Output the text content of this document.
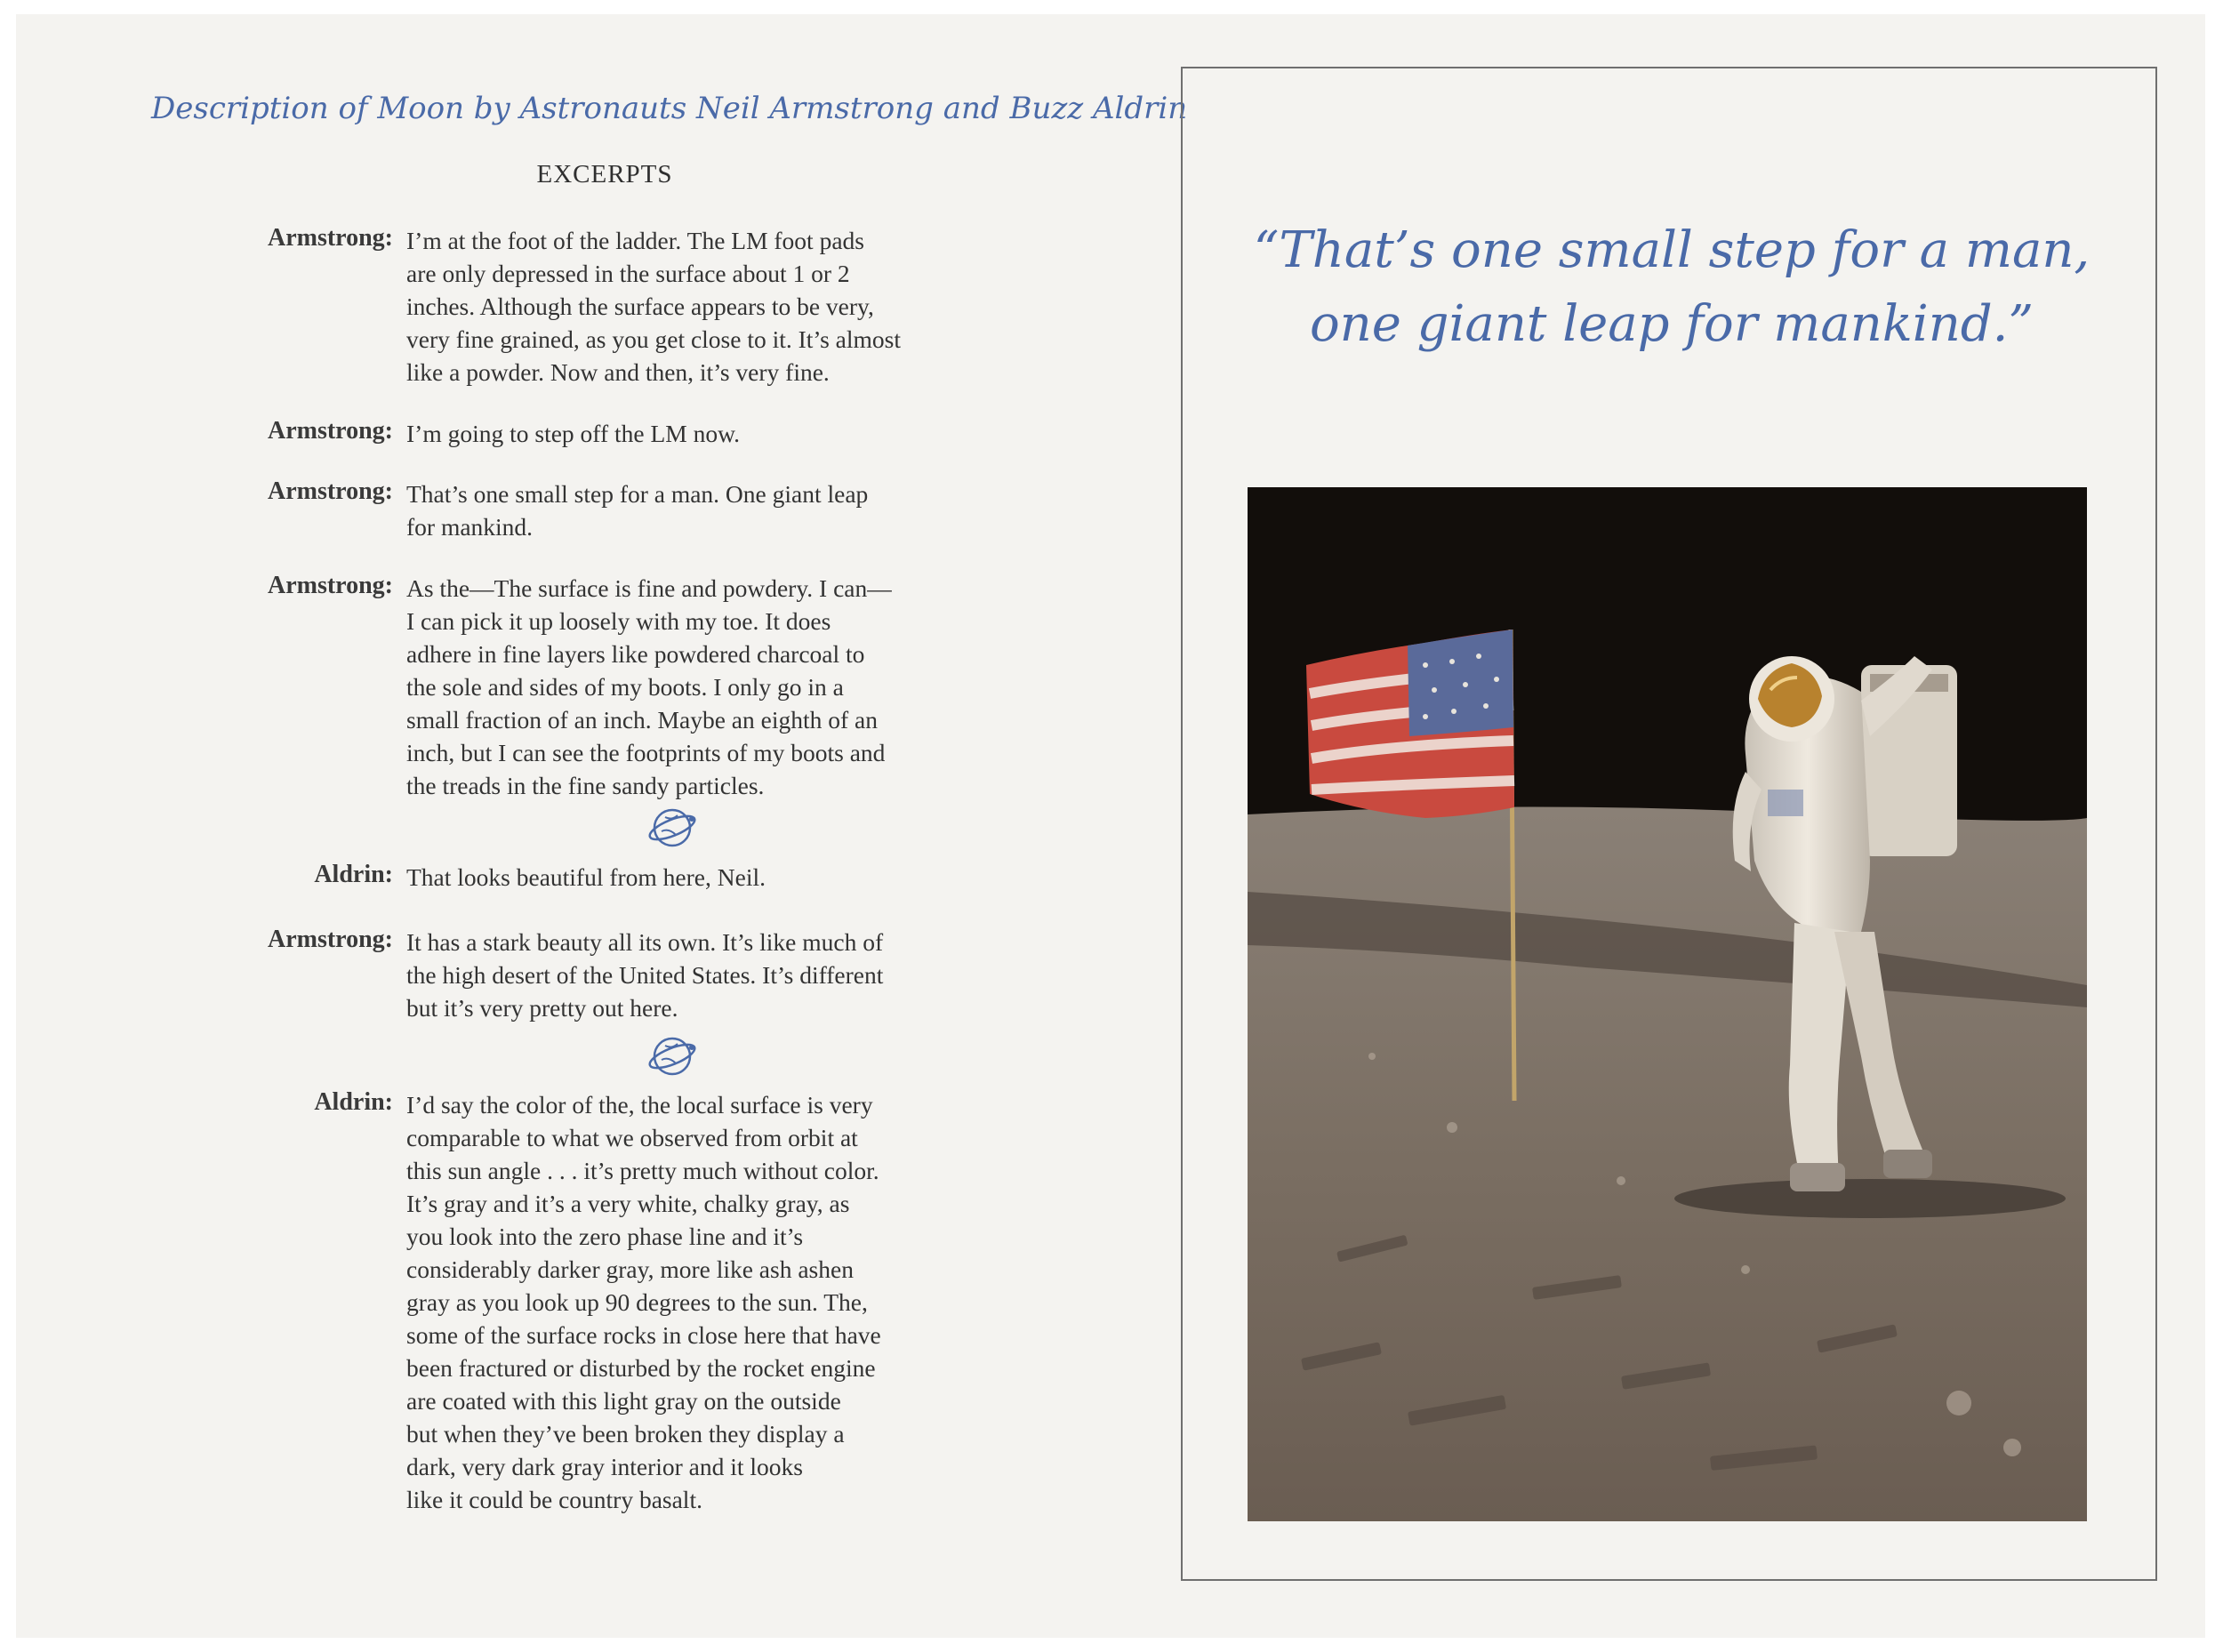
Description of Moon by Astronauts Neil Armstrong and Buzz Aldrin
EXCERPTS
Armstrong: I’m at the foot of the ladder. The LM foot pads
are only depressed in the surface about 1 or 2
inches. Although the surface appears to be very,
very fine grained, as you get close to it. It’s almost
like a powder. Now and then, it’s very fine.
Armstrong: I’m going to step off the LM now.
Armstrong: That’s one small step for a man. One giant leap
for mankind.
Armstrong: As the—The surface is fine and powdery. I can—
I can pick it up loosely with my toe. It does
adhere in fine layers like powdered charcoal to
the sole and sides of my boots. I only go in a
small fraction of an inch. Maybe an eighth of an
inch, but I can see the footprints of my boots and
the treads in the fine sandy particles.
Aldrin: That looks beautiful from here, Neil.
Armstrong: It has a stark beauty all its own. It’s like much of
the high desert of the United States. It’s different
but it’s very pretty out here.
Aldrin: I’d say the color of the, the local surface is very
comparable to what we observed from orbit at
this sun angle . . . it’s pretty much without color.
It’s gray and it’s a very white, chalky gray, as
you look into the zero phase line and it’s
considerably darker gray, more like ash ashen
gray as you look up 90 degrees to the sun. The,
some of the surface rocks in close here that have
been fractured or disturbed by the rocket engine
are coated with this light gray on the outside
but when they’ve been broken they display a
dark, very dark gray interior and it looks
like it could be country basalt.
“That’s one small step for a man,
one giant leap for mankind.”
